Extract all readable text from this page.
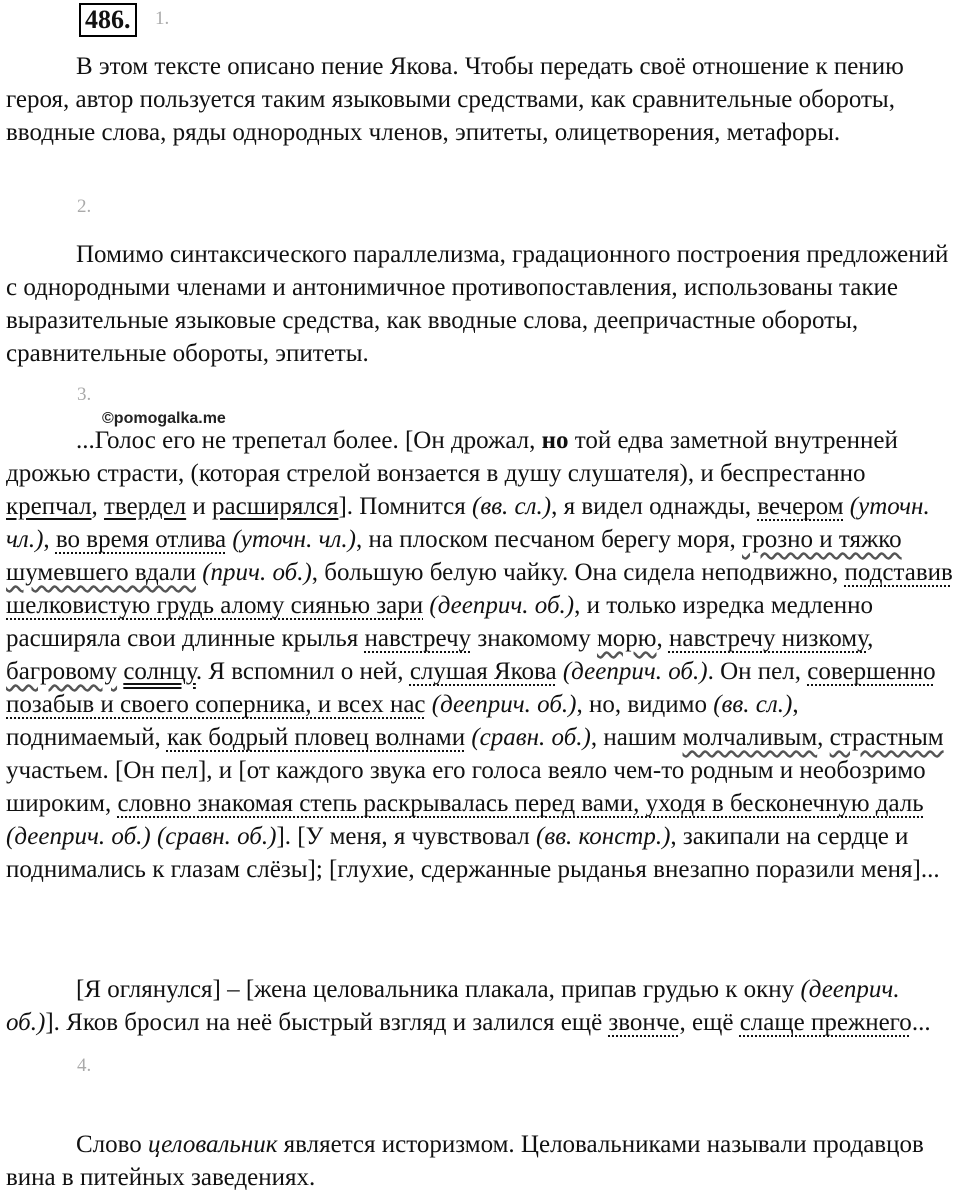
486.	1.
В этом тексте описано пение Якова. Чтобы передать своё отношение к пению героя, автор пользуется таким языковыми средствами, как сравнительные обороты, вводные слова, ряды однородных членов, эпитеты, олицетворения, метафоры.
2.
Помимо синтаксического параллелизма, градационного построения предложений с однородными членами и антонимичное противопоставления, использованы такие выразительные языковые средства, как вводные слова, деепричастные обороты, сравнительные обороты, эпитеты.
3.
©pomogalka.me
...Голос его не трепетал более. [Он дрожал, но той едва заметной внутренней дрожью страсти, (которая стрелой вонзается в душу слушателя), и беспрестанно крепчал, твердел и расширялся]. Помнится (вв. сл.), я видел однажды, вечером (уточн. чл.), во время отлива (уточн. чл.), на плоском песчаном берегу моря, грозно и тяжко шумевшего вдали (прич. об.), большую белую чайку. Она сидела неподвижно, подставив шелковистую грудь алому сиянью зари (дееприч. об.), и только изредка медленно расширяла свои длинные крылья навстречу знакомому морю, навстречу низкому, багровому солнцу. Я вспомнил о ней, слушая Якова (дееприч. об.). Он пел, совершенно позабыв и своего соперника, и всех нас (дееприч. об.), но, видимо (вв. сл.), поднимаемый, как бодрый пловец волнами (сравн. об.), нашим молчаливым, страстным участьем. [Он пел], и [от каждого звука его голоса веяло чем-то родным и необозримо широким, словно знакомая степь раскрывалась перед вами, уходя в бесконечную даль (дееприч. об.) (сравн. об.)]. [У меня, я чувствовал (вв. констр.), закипали на сердце и поднимались к глазам слёзы]; [глухие, сдержанные рыданья внезапно поразили меня]...
[Я оглянулся] – [жена целовальника плакала, припав грудью к окну (дееприч. об.)]. Яков бросил на неё быстрый взгляд и залился ещё звонче, ещё слаще прежнего...
4.
Слово целовальник является историзмом. Целовальниками называли продавцов вина в питейных заведениях.
